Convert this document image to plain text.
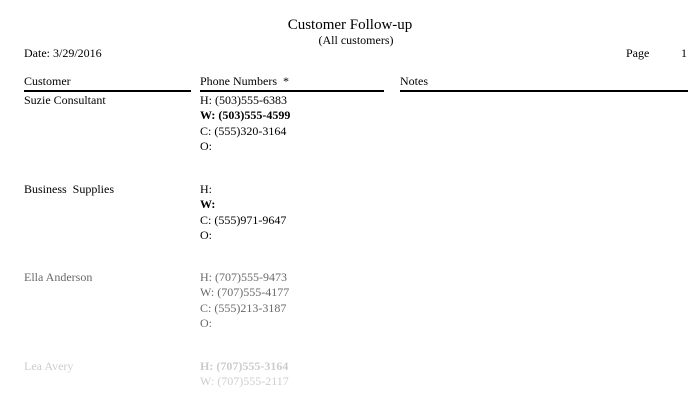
Customer Follow-up
(All customers)
Date: 3/29/2016	Page	1
Customer	Phone Numbers  *	Notes
Suzie Consultant	H: (503)555-6383
W: (503)555-4599
C: (555)320-3164
O:
Business  Supplies	H:
W:
C: (555)971-9647
O:
Ella Anderson	H: (707)555-9473
W: (707)555-4177
C: (555)213-3187
O:
Lea Avery	H: (707)555-3164
W: (707)555-2117
